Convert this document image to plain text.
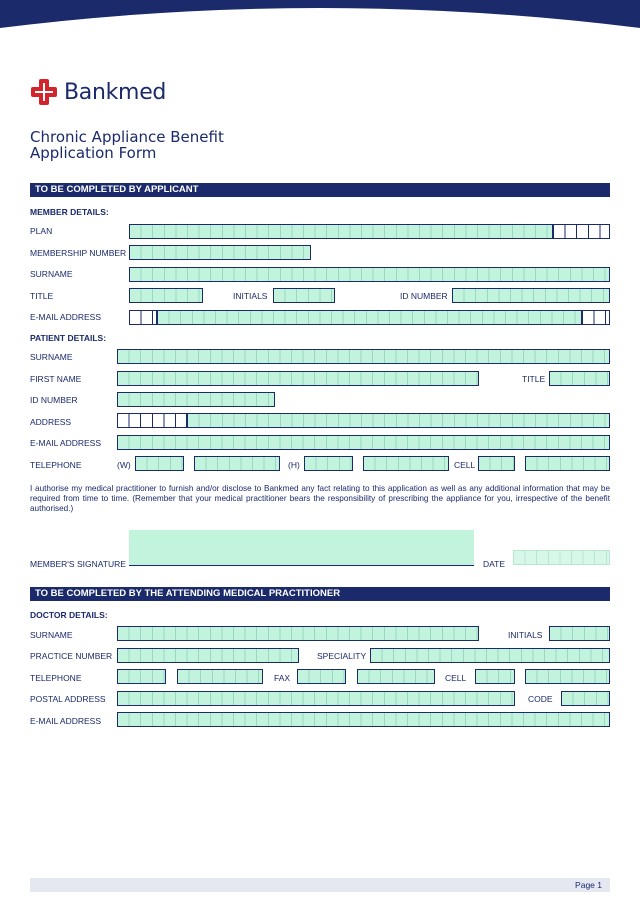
Bankmed
Chronic Appliance Benefit
Application Form
TO BE COMPLETED BY APPLICANT
MEMBER DETAILS:
PLAN
MEMBERSHIP NUMBER
SURNAME
TITLE	INITIALS	ID NUMBER
E-MAIL ADDRESS
PATIENT DETAILS:
SURNAME
FIRST NAME	TITLE
ID NUMBER
ADDRESS
E-MAIL ADDRESS
TELEPHONE	(W)	(H)	CELL
I authorise my medical practitioner to furnish and/or disclose to Bankmed any fact relating to this application as well as any additional information that may be required from time to time. (Remember that your medical practitioner bears the responsibility of prescribing the appliance for you, irrespective of the benefit authorised.)
MEMBER'S SIGNATURE	DATE
TO BE COMPLETED BY THE ATTENDING MEDICAL PRACTITIONER
DOCTOR DETAILS:
SURNAME	INITIALS
PRACTICE NUMBER	SPECIALITY
TELEPHONE	FAX	CELL
POSTAL ADDRESS	CODE
E-MAIL ADDRESS
Page 1
